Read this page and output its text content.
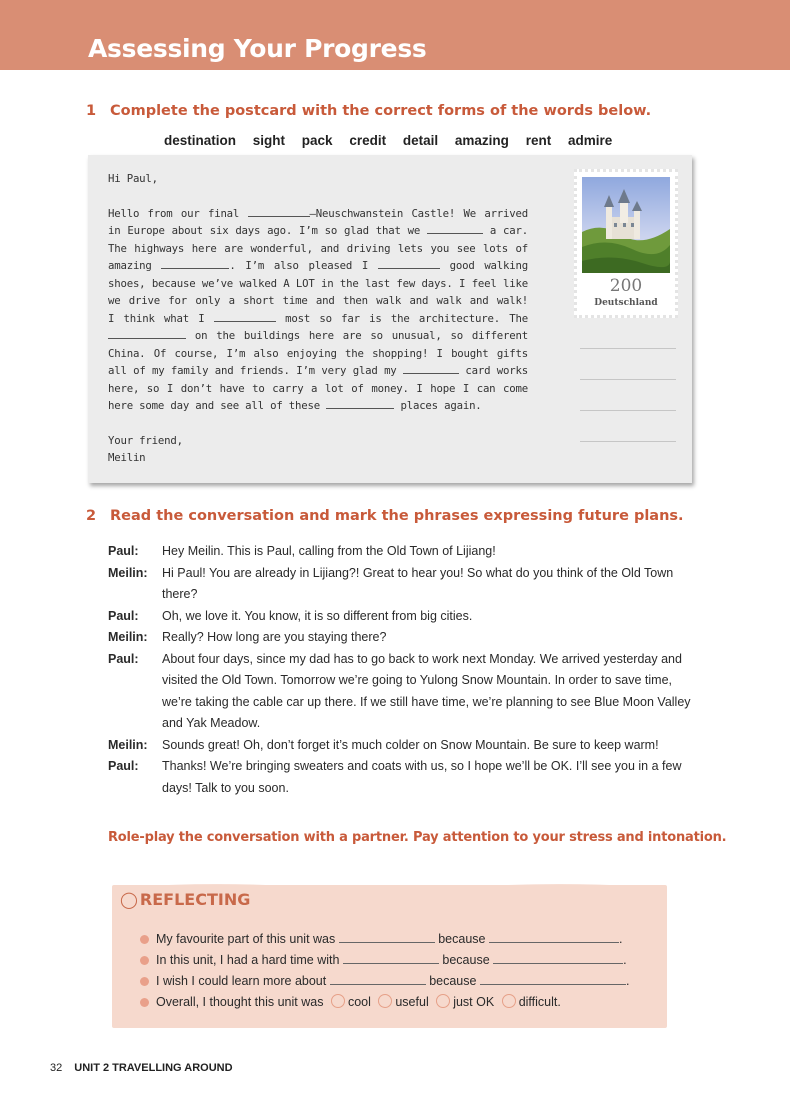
Assessing Your Progress
1 Complete the postcard with the correct forms of the words below.
destination sight pack credit detail amazing rent admire
Hi Paul,
Hello from our final	—Neuschwanstein Castle! We arrived
in Europe about six days ago. I’m so glad that we	a car.
The highways here are wonderful, and driving lets you see lots of
amazing	. I’m also pleased I	good walking
shoes, because we’ve walked A LOT in the last few days. I feel like
we drive for only a short time and then walk and walk and walk!
I think what I	most so far is the architecture. The
on the buildings here are so unusual, so different
China. Of course, I’m also enjoying the shopping! I bought gifts
all of my family and friends. I’m very glad my	card works
here, so I don’t have to carry a lot of money. I hope I can come
here some day and see all of these	places again.
Your friend,
Meilin
200
Deutschland
2 Read the conversation and mark the phrases expressing future plans.
Paul:	Hey Meilin. This is Paul, calling from the Old Town of Lijiang!
Meilin:	Hi Paul! You are already in Lijiang?! Great to hear you! So what do you think of the Old Town there?
Paul:	Oh, we love it. You know, it is so different from big cities.
Meilin:	Really? How long are you staying there?
Paul:	About four days, since my dad has to go back to work next Monday. We arrived yesterday and visited the Old Town. Tomorrow we’re going to Yulong Snow Mountain. In order to save time, we’re taking the cable car up there. If we still have time, we’re planning to see Blue Moon Valley and Yak Meadow.
Meilin:	Sounds great! Oh, don’t forget it’s much colder on Snow Mountain. Be sure to keep warm!
Paul:	Thanks! We’re bringing sweaters and coats with us, so I hope we’ll be OK. I’ll see you in a few days! Talk to you soon.
Role-play the conversation with a partner. Pay attention to your stress and intonation.
◯ REFLECTING
My favourite part of this unit was	because	.
In this unit, I had a hard time with	because	.
I wish I could learn more about	because	.
Overall, I thought this unit was cool useful just OK difficult.
32 UNIT 2 TRAVELLING AROUND
